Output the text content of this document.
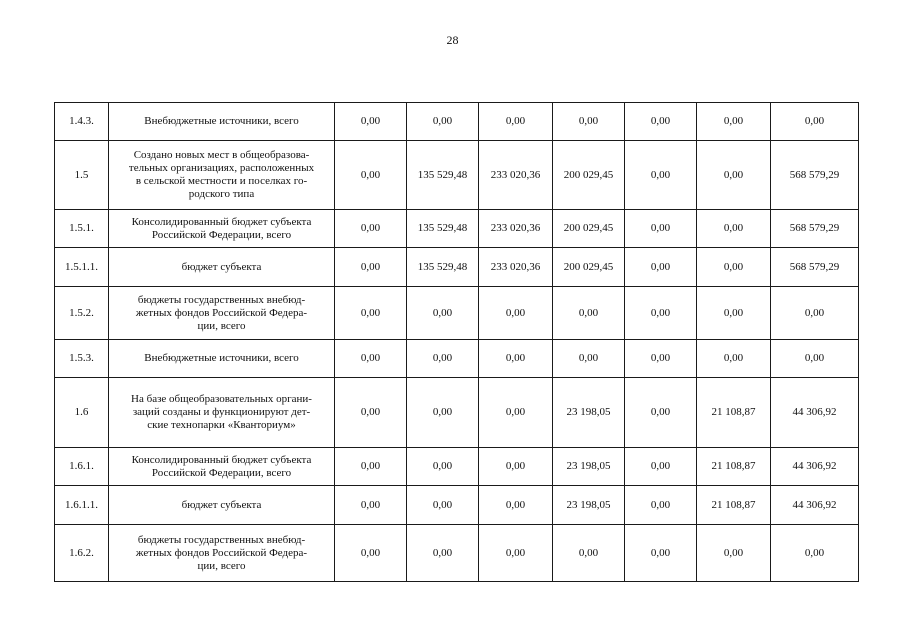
28
1.4.3.	Внебюджетные источники, всего	0,00	0,00	0,00	0,00	0,00	0,00	0,00
1.5	Создано новых мест в общеобразова-
тельных организациях, расположенных
в сельской местности и поселках го-
родского типа	0,00	135 529,48	233 020,36	200 029,45	0,00	0,00	568 579,29
1.5.1.	Консолидированный бюджет субъекта
Российской Федерации, всего	0,00	135 529,48	233 020,36	200 029,45	0,00	0,00	568 579,29
1.5.1.1.	бюджет субъекта	0,00	135 529,48	233 020,36	200 029,45	0,00	0,00	568 579,29
1.5.2.	бюджеты государственных внебюд-
жетных фондов Российской Федера-
ции, всего	0,00	0,00	0,00	0,00	0,00	0,00	0,00
1.5.3.	Внебюджетные источники, всего	0,00	0,00	0,00	0,00	0,00	0,00	0,00
1.6	На базе общеобразовательных органи-
заций созданы и функционируют дет-
ские технопарки «Кванториум»	0,00	0,00	0,00	23 198,05	0,00	21 108,87	44 306,92
1.6.1.	Консолидированный бюджет субъекта
Российской Федерации, всего	0,00	0,00	0,00	23 198,05	0,00	21 108,87	44 306,92
1.6.1.1.	бюджет субъекта	0,00	0,00	0,00	23 198,05	0,00	21 108,87	44 306,92
1.6.2.	бюджеты государственных внебюд-
жетных фондов Российской Федера-
ции, всего	0,00	0,00	0,00	0,00	0,00	0,00	0,00
